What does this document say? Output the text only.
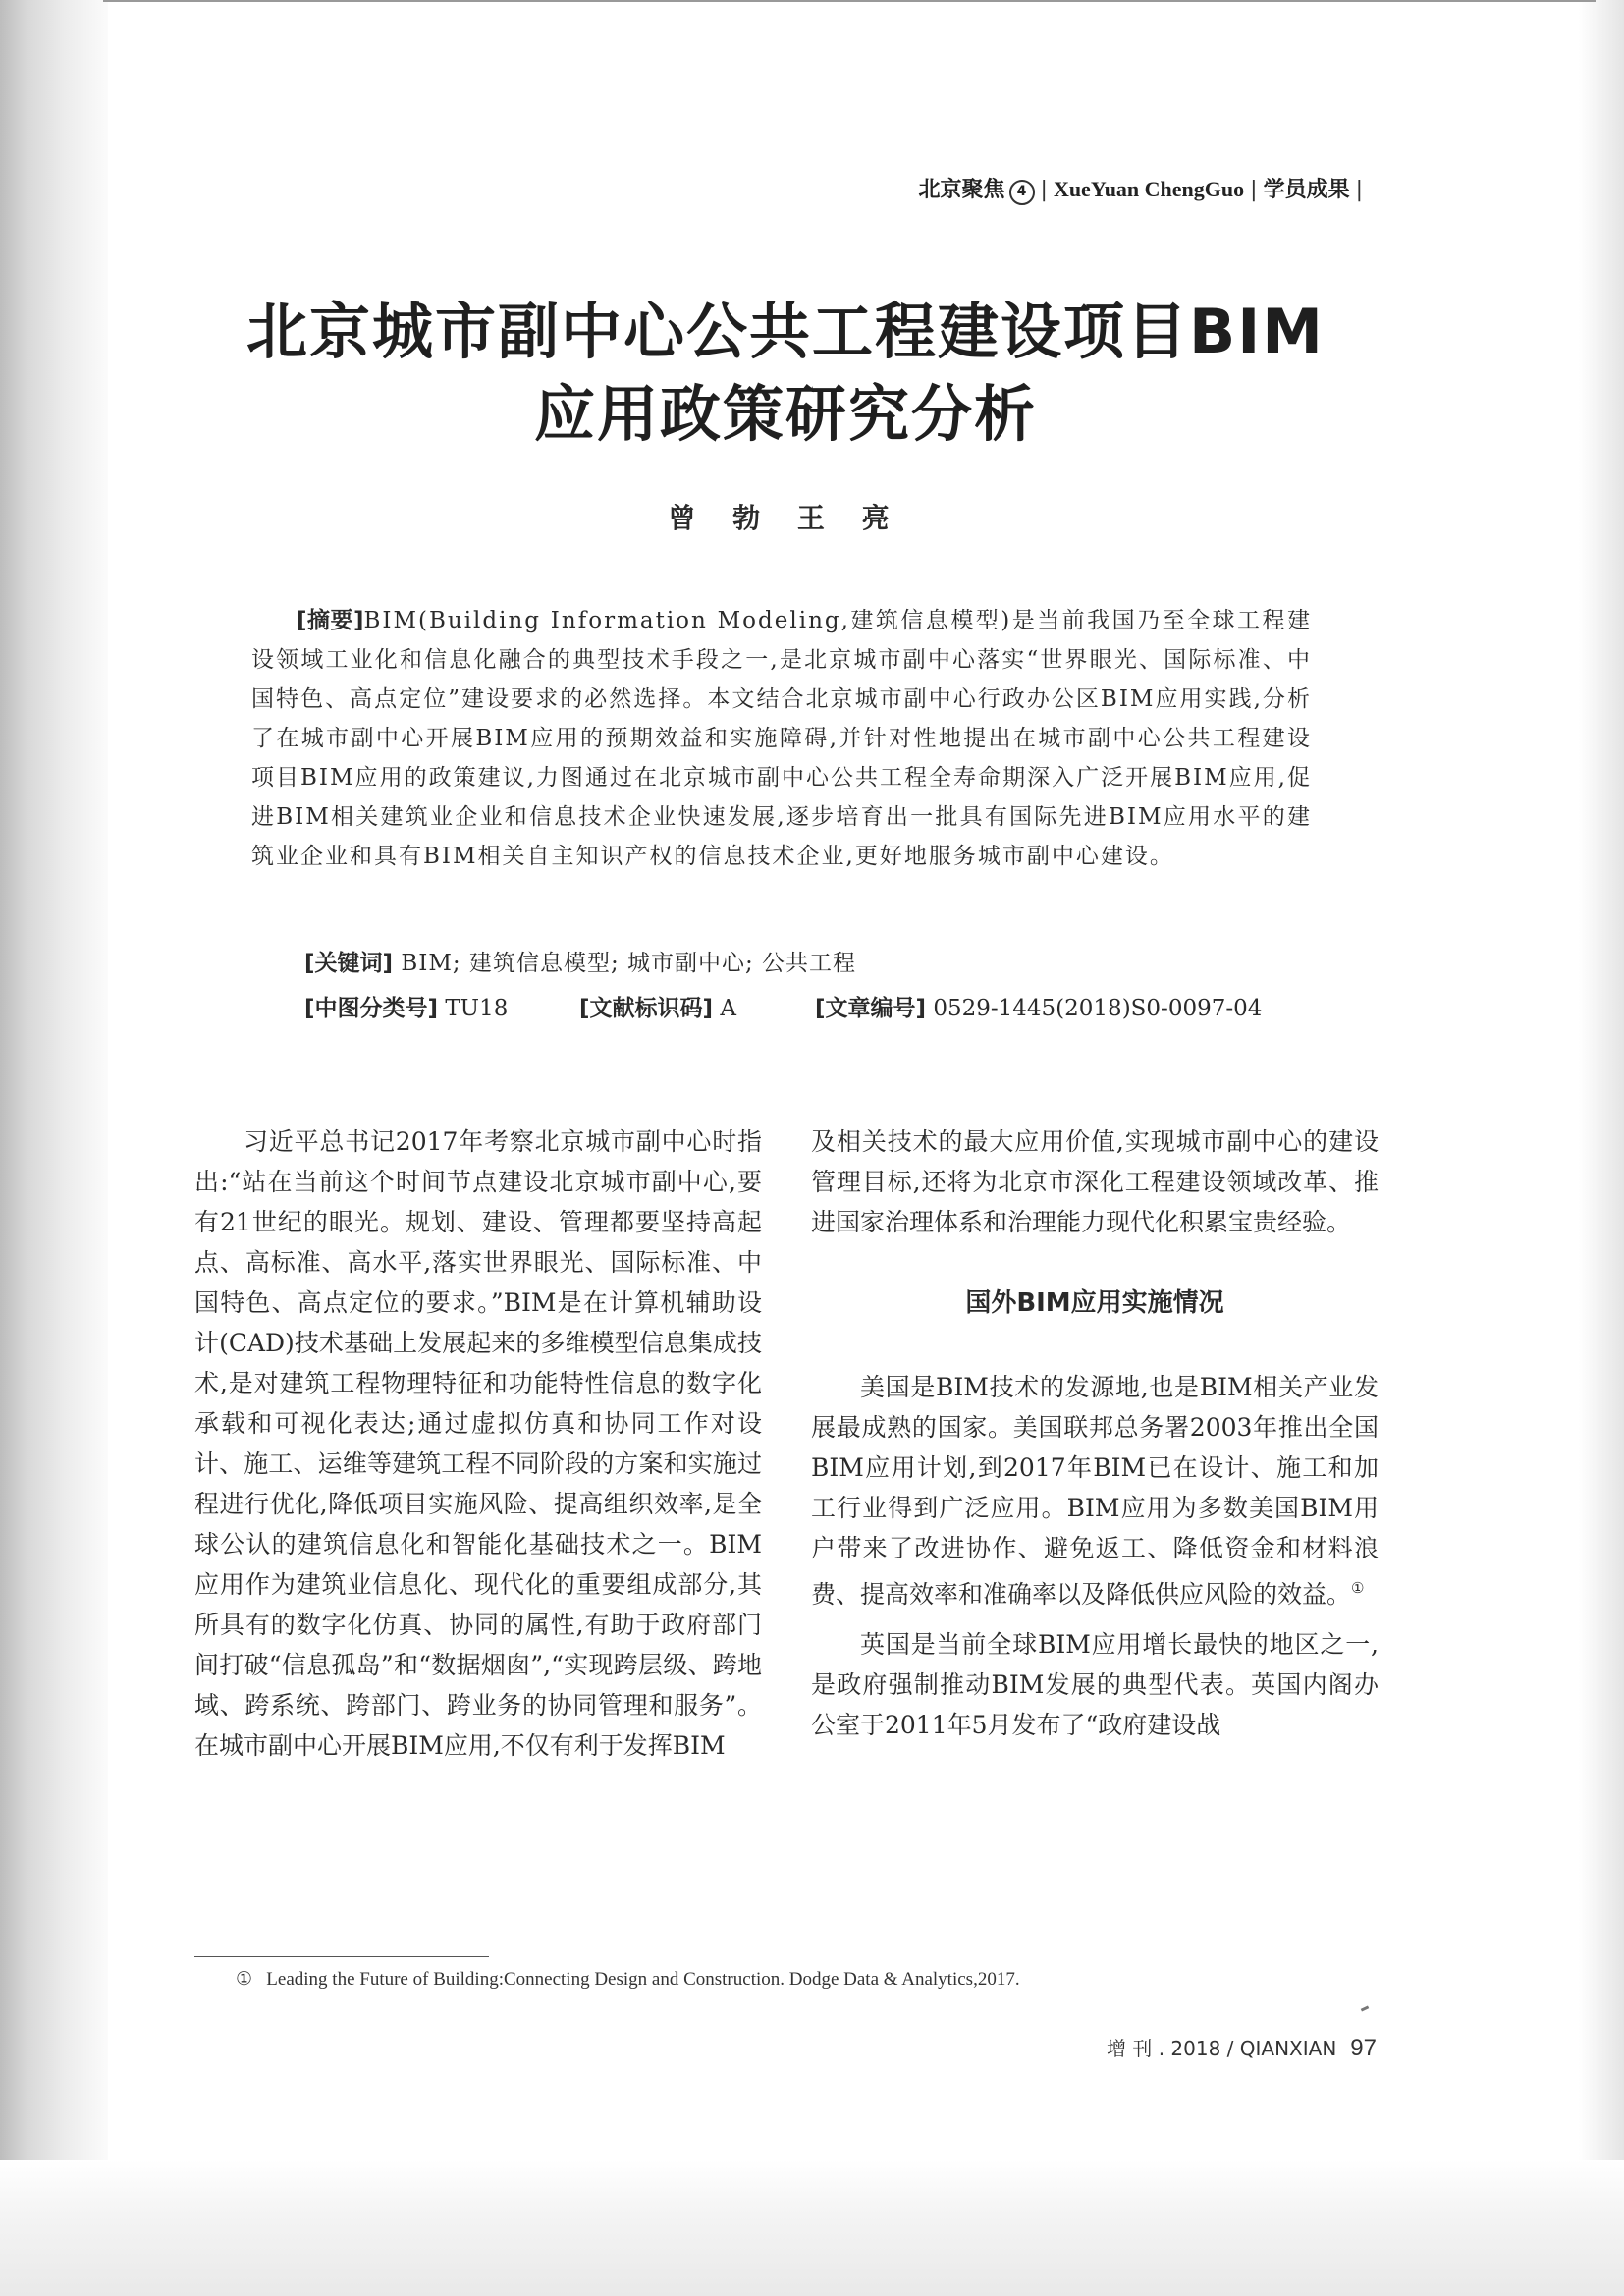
北京聚焦 4 | XueYuan ChengGuo | 学员成果 |
北京城市副中心公共工程建设项目BIM
应用政策研究分析
曾 勃 王 亮
[摘要]BIM(Building Information Modeling,建筑信息模型)是当前我国乃至全球工程建设领域工业化和信息化融合的典型技术手段之一,是北京城市副中心落实“世界眼光、国际标准、中国特色、高点定位”建设要求的必然选择。本文结合北京城市副中心行政办公区BIM应用实践,分析了在城市副中心开展BIM应用的预期效益和实施障碍,并针对性地提出在城市副中心公共工程建设项目BIM应用的政策建议,力图通过在北京城市副中心公共工程全寿命期深入广泛开展BIM应用,促进BIM相关建筑业企业和信息技术企业快速发展,逐步培育出一批具有国际先进BIM应用水平的建筑业企业和具有BIM相关自主知识产权的信息技术企业,更好地服务城市副中心建设。
[关键词] BIM; 建筑信息模型; 城市副中心; 公共工程
[中图分类号] TU18	[文献标识码] A	[文章编号] 0529-1445(2018)S0-0097-04

习近平总书记2017年考察北京城市副中心时指出:“站在当前这个时间节点建设北京城市副中心,要有21世纪的眼光。规划、建设、管理都要坚持高起点、高标准、高水平,落实世界眼光、国际标准、中国特色、高点定位的要求。”BIM是在计算机辅助设计(CAD)技术基础上发展起来的多维模型信息集成技术,是对建筑工程物理特征和功能特性信息的数字化承载和可视化表达;通过虚拟仿真和协同工作对设计、施工、运维等建筑工程不同阶段的方案和实施过程进行优化,降低项目实施风险、提高组织效率,是全球公认的建筑信息化和智能化基础技术之一。BIM应用作为建筑业信息化、现代化的重要组成部分,其所具有的数字化仿真、协同的属性,有助于政府部门间打破“信息孤岛”和“数据烟囱”,“实现跨层级、跨地域、跨系统、跨部门、跨业务的协同管理和服务”。在城市副中心开展BIM应用,不仅有利于发挥BIM

及相关技术的最大应用价值,实现城市副中心的建设管理目标,还将为北京市深化工程建设领域改革、推进国家治理体系和治理能力现代化积累宝贵经验。

国外BIM应用实施情况

美国是BIM技术的发源地,也是BIM相关产业发展最成熟的国家。美国联邦总务署2003年推出全国BIM应用计划,到2017年BIM已在设计、施工和加工行业得到广泛应用。BIM应用为多数美国BIM用户带来了改进协作、避免返工、降低资金和材料浪费、提高效率和准确率以及降低供应风险的效益。①

英国是当前全球BIM应用增长最快的地区之一,是政府强制推动BIM发展的典型代表。英国内阁办公室于2011年5月发布了“政府建设战

① Leading the Future of Building:Connecting Design and Construction. Dodge Data & Analytics,2017.
增 刊 . 2018 / QIANXIAN 97
